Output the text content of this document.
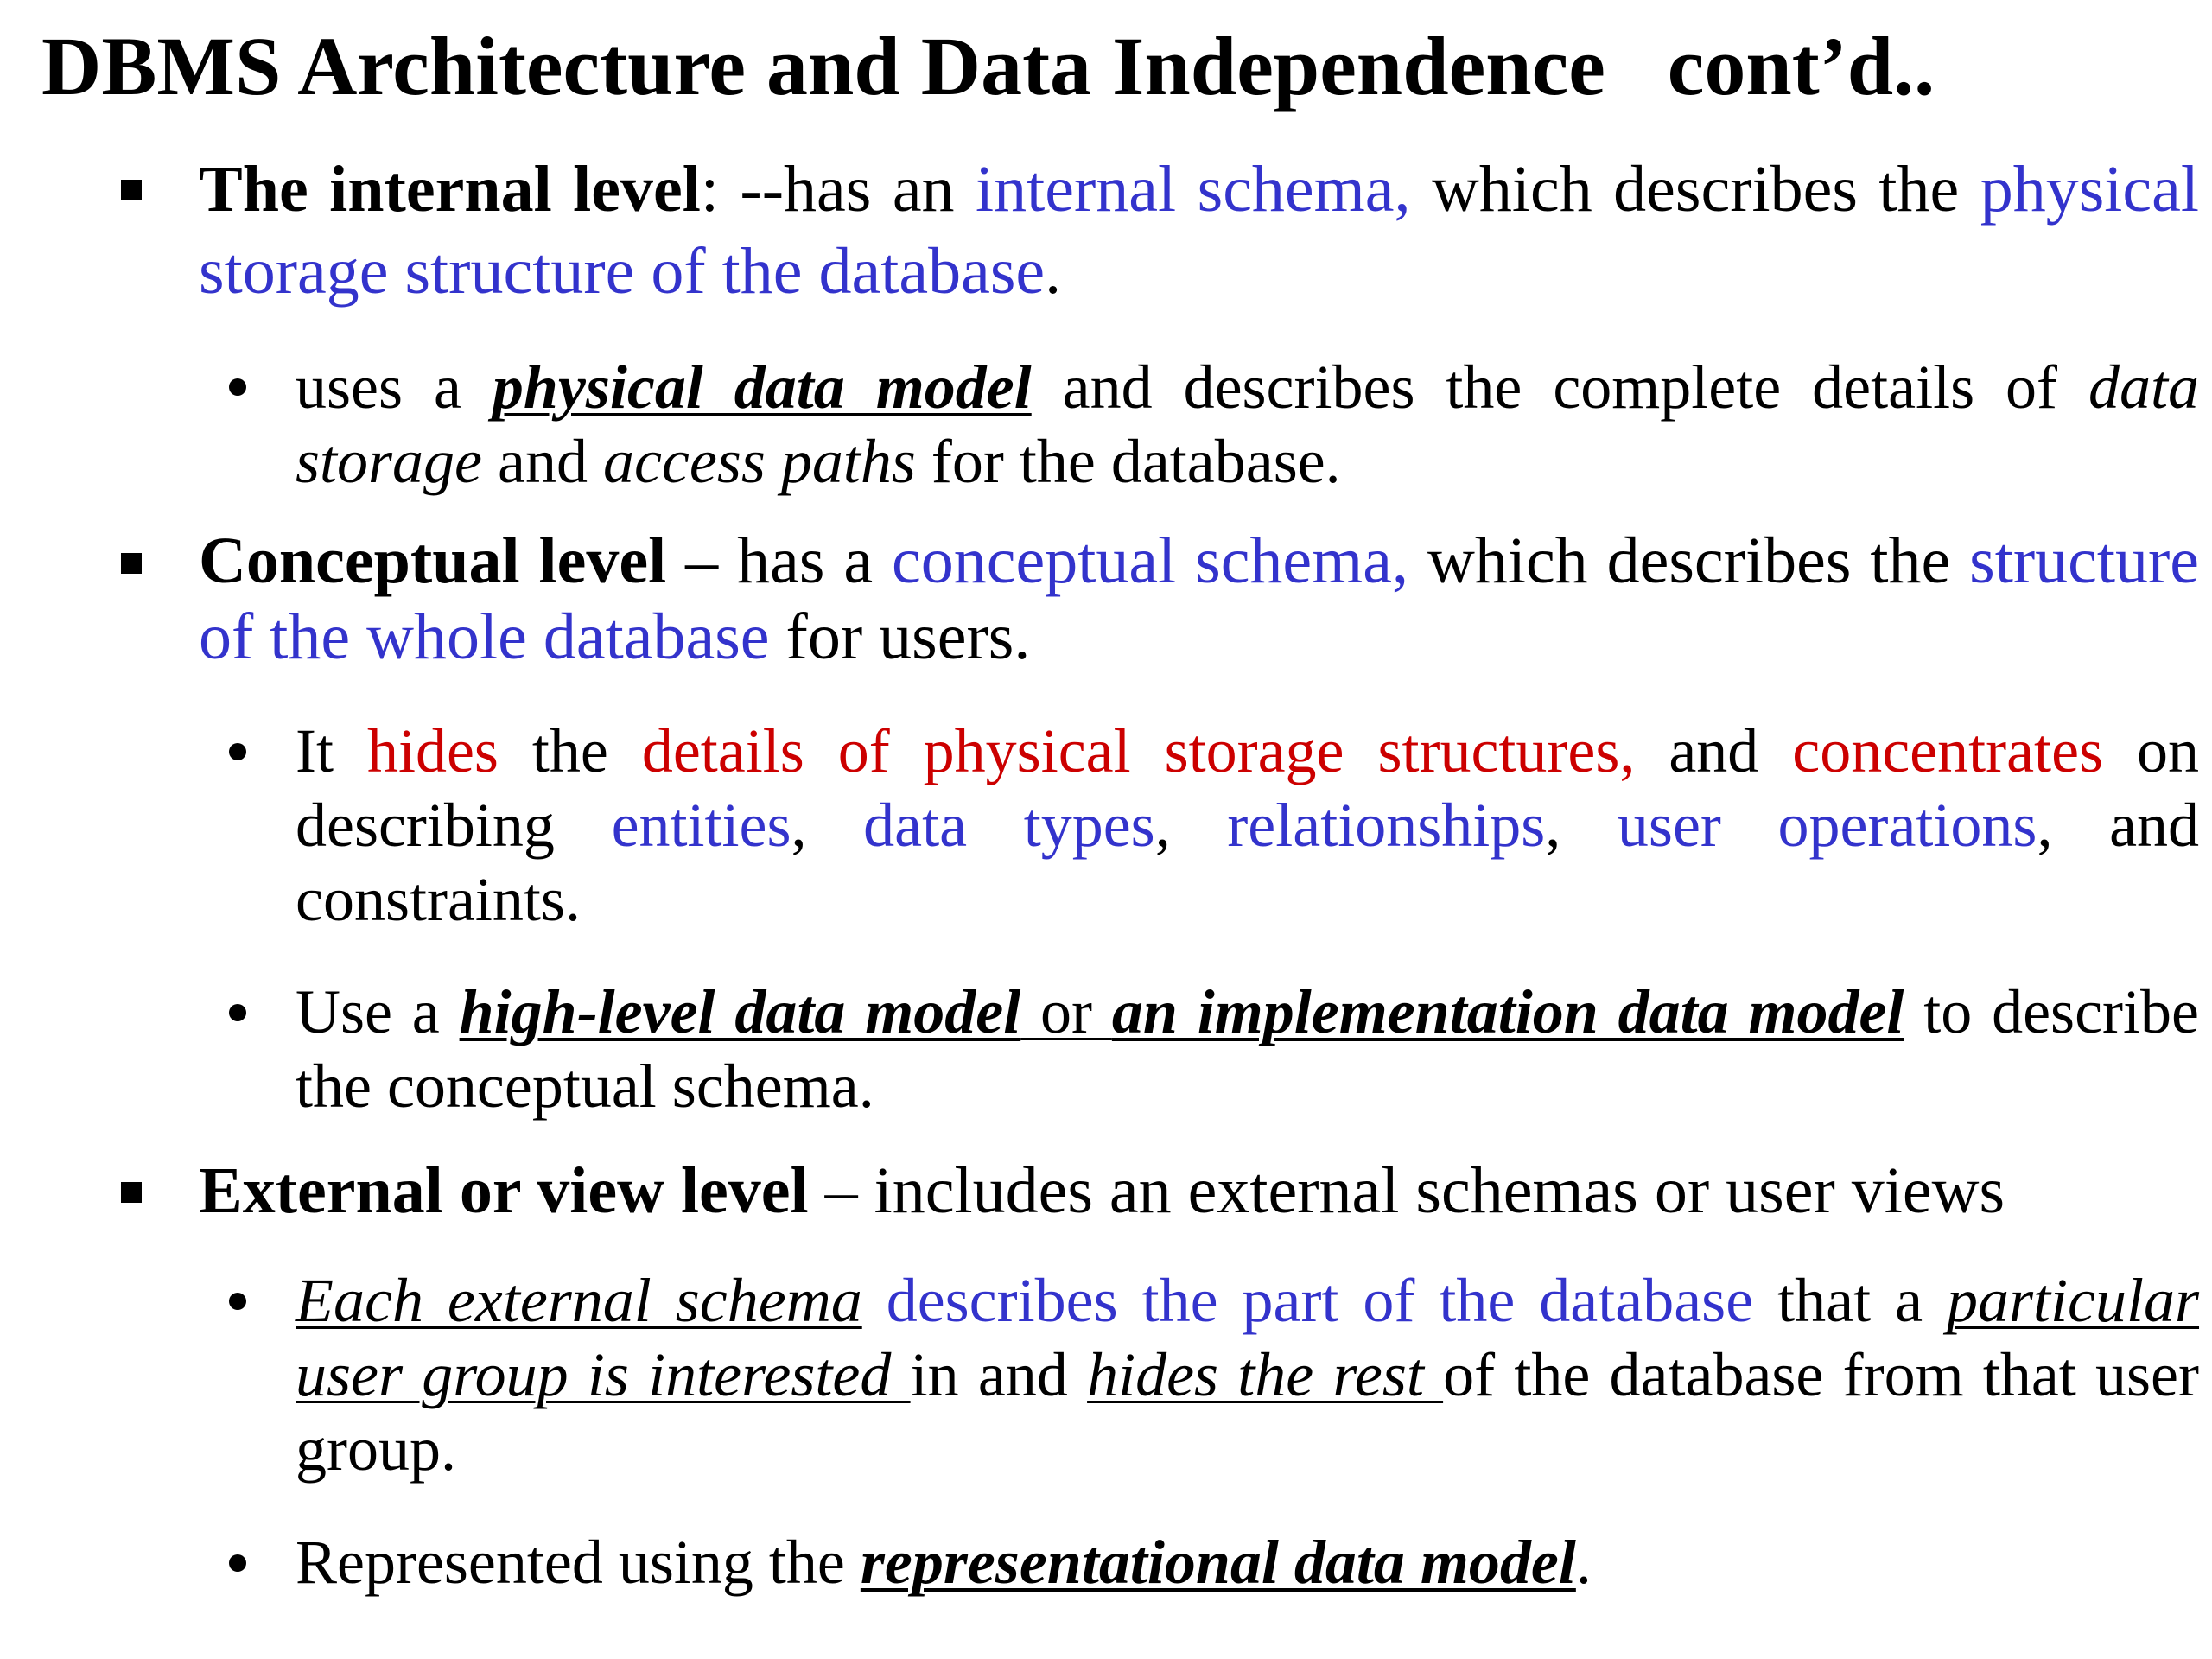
DBMS Architecture and Data Independence   cont’d..
The internal level: --has an internal schema, which describes the physical storage structure of the database.
uses a physical data model and describes the complete details of data storage and access paths for the database.
Conceptual level – has a conceptual schema, which describes the structure of the whole database for users.
It hides the details of physical storage structures, and concentrates on describing entities, data types, relationships, user operations, and constraints.
Use a high-level data model or an implementation data model to describe the conceptual schema.
External or view level – includes an external schemas or user views
Each external schema describes the part of the database that a particular user group is interested in and hides the rest of the database from that user group.
Represented using the representational data model.
